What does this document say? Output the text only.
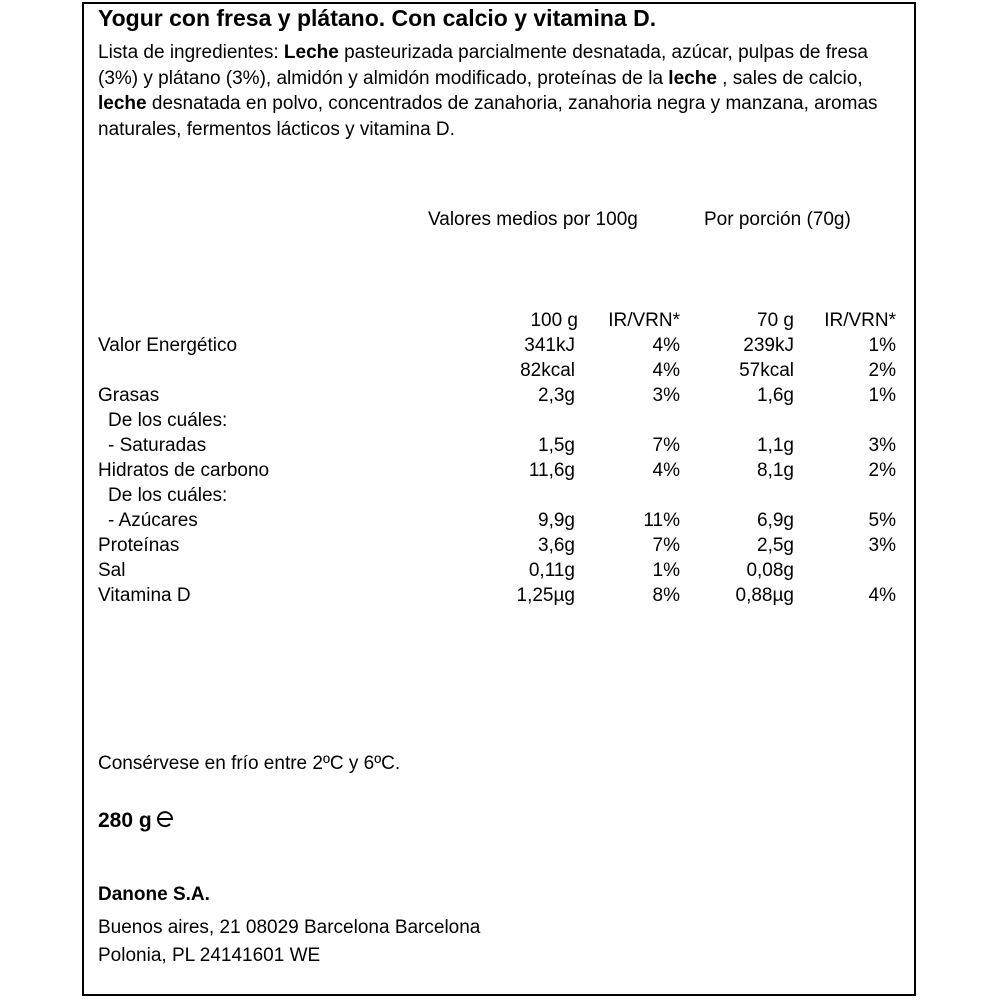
Yogur con fresa y plátano. Con calcio y vitamina D.
Lista de ingredientes: Leche pasteurizada parcialmente desnatada, azúcar, pulpas de fresa (3%) y plátano (3%), almidón y almidón modificado, proteínas de la leche , sales de calcio, leche desnatada en polvo, concentrados de zanahoria, zanahoria negra y manzana, aromas naturales, fermentos lácticos y vitamina D.
Valores medios por 100g	Por porción (70g)
100 g	IR/VRN*	70 g	IR/VRN*
Valor Energético	341kJ	4%	239kJ	1%
82kcal	4%	57kcal	2%
Grasas	2,3g	3%	1,6g	1%
De los cuáles:
- Saturadas	1,5g	7%	1,1g	3%
Hidratos de carbono	11,6g	4%	8,1g	2%
De los cuáles:
- Azúcares	9,9g	11%	6,9g	5%
Proteínas	3,6g	7%	2,5g	3%
Sal	0,11g	1%	0,08g
Vitamina D	1,25µg	8%	0,88µg	4%
Consérvese en frío entre 2ºC y 6ºC.
280 g
Danone S.A.
Buenos aires, 21 08029 Barcelona Barcelona
Polonia, PL 24141601 WE
